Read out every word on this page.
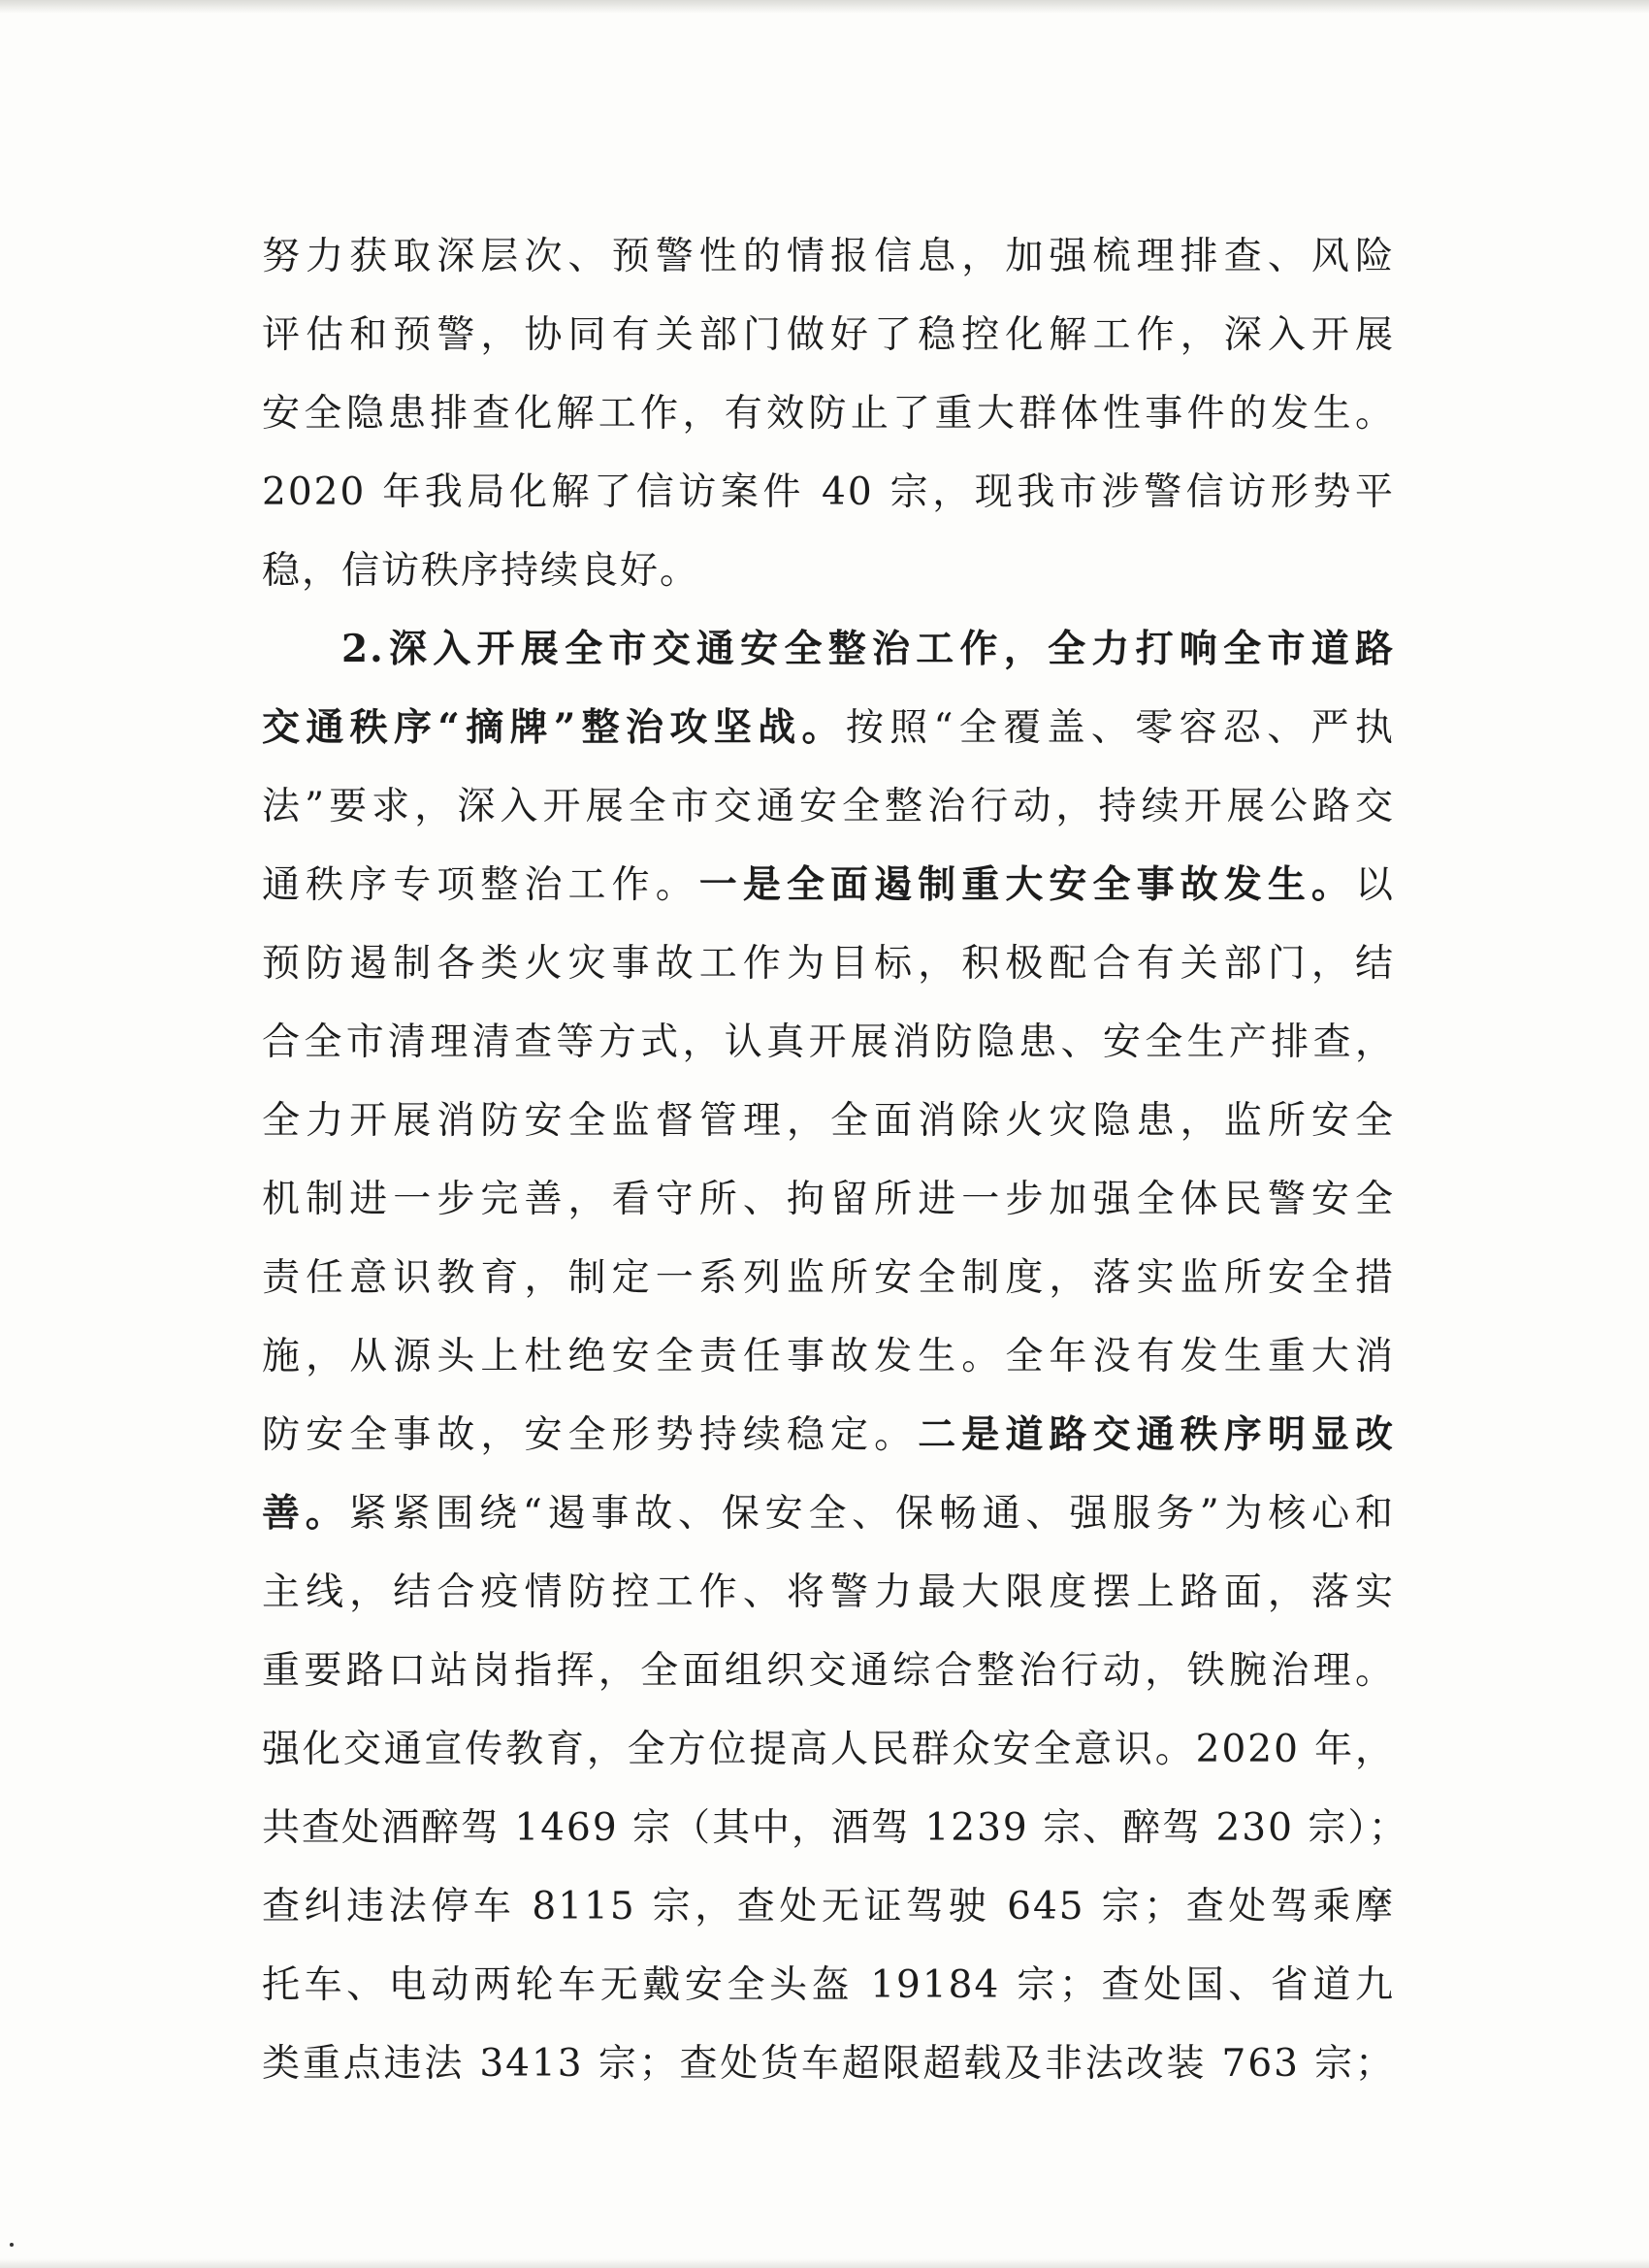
努力获取深层次、预警性的情报信息，加强梳理排查、风险
评估和预警，协同有关部门做好了稳控化解工作，深入开展
安全隐患排查化解工作，有效防止了重大群体性事件的发生。
2020 年我局化解了信访案件 40 宗，现我市涉警信访形势平
稳，信访秩序持续良好。
2.深入开展全市交通安全整治工作，全力打响全市道路
交通秩序“摘牌”整治攻坚战。按照“全覆盖、零容忍、严执
法”要求，深入开展全市交通安全整治行动，持续开展公路交
通秩序专项整治工作。一是全面遏制重大安全事故发生。以
预防遏制各类火灾事故工作为目标，积极配合有关部门，结
合全市清理清查等方式，认真开展消防隐患、安全生产排查，
全力开展消防安全监督管理，全面消除火灾隐患，监所安全
机制进一步完善，看守所、拘留所进一步加强全体民警安全
责任意识教育，制定一系列监所安全制度，落实监所安全措
施，从源头上杜绝安全责任事故发生。全年没有发生重大消
防安全事故，安全形势持续稳定。二是道路交通秩序明显改
善。紧紧围绕“遏事故、保安全、保畅通、强服务”为核心和
主线，结合疫情防控工作、将警力最大限度摆上路面，落实
重要路口站岗指挥，全面组织交通综合整治行动，铁腕治理。
强化交通宣传教育，全方位提高人民群众安全意识。2020 年，
共查处酒醉驾 1469 宗（其中，酒驾 1239 宗、醉驾 230 宗）；
查纠违法停车 8115 宗，查处无证驾驶 645 宗；查处驾乘摩
托车、电动两轮车无戴安全头盔 19184 宗；查处国、省道九
类重点违法 3413 宗；查处货车超限超载及非法改装 763 宗；
